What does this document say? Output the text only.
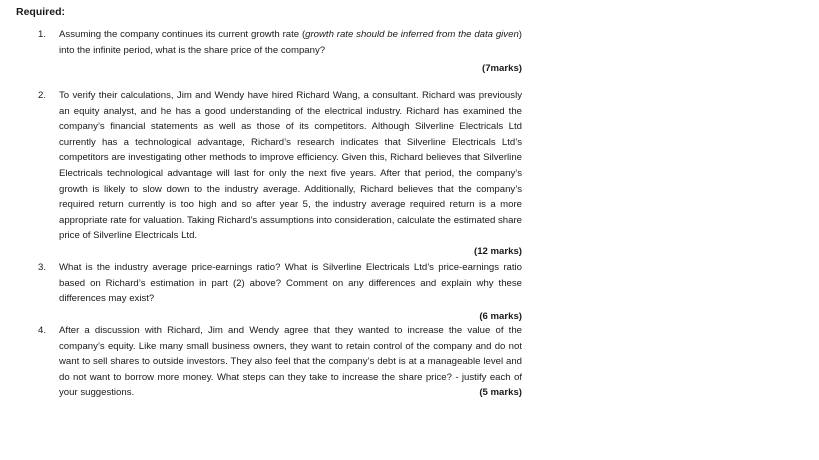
Required:
1.	Assuming the company continues its current growth rate (growth rate should be inferred from the data given) into the infinite period, what is the share price of the company?
(7marks)
2.	To verify their calculations, Jim and Wendy have hired Richard Wang, a consultant. Richard was previously an equity analyst, and he has a good understanding of the electrical industry. Richard has examined the company’s financial statements as well as those of its competitors. Although Silverline Electricals Ltd currently has a technological advantage, Richard’s research indicates that Silverline Electricals Ltd’s competitors are investigating other methods to improve efficiency. Given this, Richard believes that Silverline Electricals technological advantage will last for only the next five years. After that period, the company’s growth is likely to slow down to the industry average. Additionally, Richard believes that the company’s required return currently is too high and so after year 5, the industry average required return is a more appropriate rate for valuation. Taking Richard’s assumptions into consideration, calculate the estimated share price of Silverline Electricals Ltd.
(12 marks)
3.	What is the industry average price-earnings ratio? What is Silverline Electricals Ltd’s price-earnings ratio based on Richard’s estimation in part (2) above? Comment on any differences and explain why these differences may exist?
(6 marks)
4.	After a discussion with Richard, Jim and Wendy agree that they wanted to increase the value of the company’s equity. Like many small business owners, they want to retain control of the company and do not want to sell shares to outside investors. They also feel that the company’s debt is at a manageable level and do not want to borrow more money. What steps can they take to increase the share price? - justify each of your suggestions.	(5 marks)
